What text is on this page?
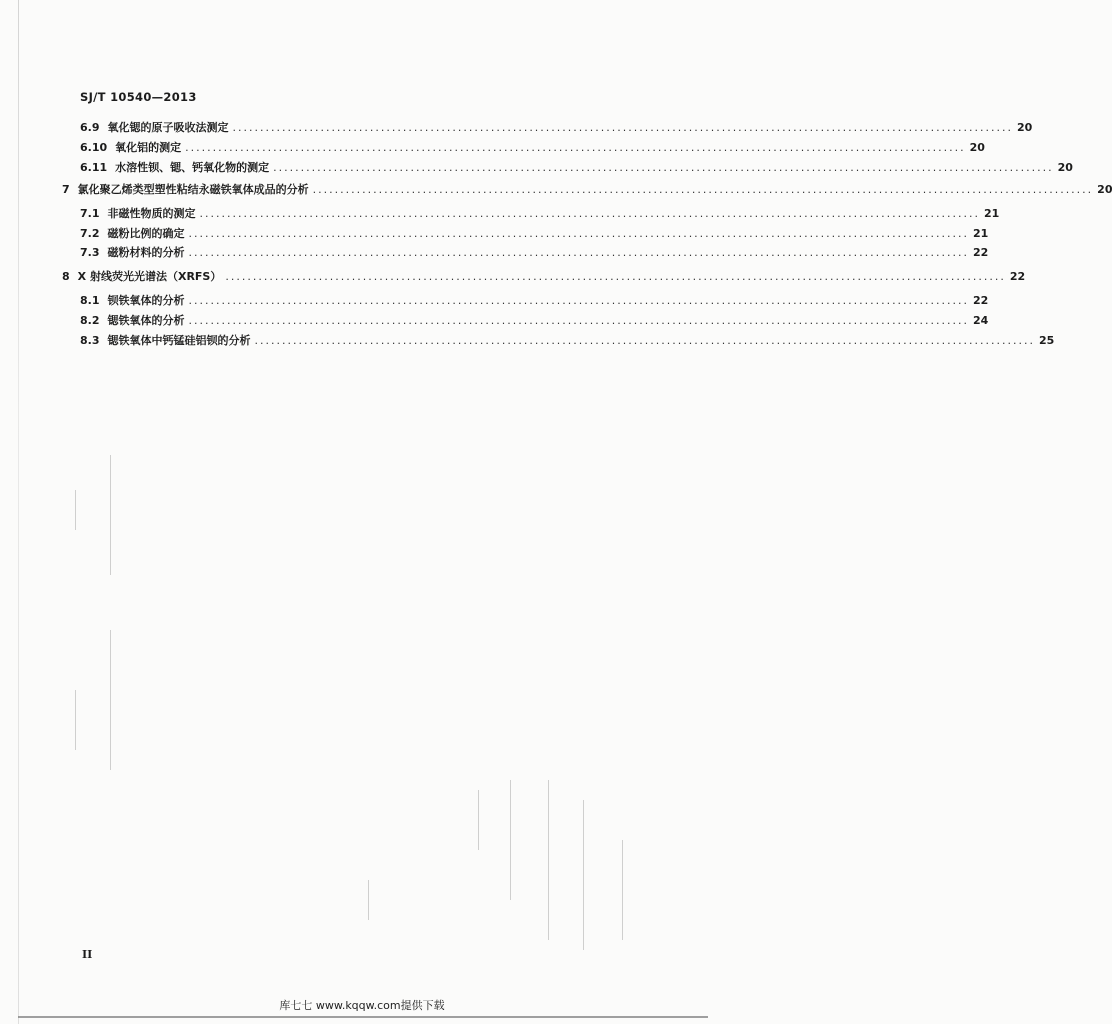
SJ/T 10540—2013
6.9 氧化锶的原子吸收法测定 .............................................................................................................................................. 20
6.10 氧化铝的测定 .............................................................................................................................................. 20
6.11 水溶性钡、锶、钙氧化物的测定 .............................................................................................................................................. 20
7 氯化聚乙烯类型塑性粘结永磁铁氧体成品的分析 .............................................................................................................................................. 20
7.1 非磁性物质的测定 .............................................................................................................................................. 21
7.2 磁粉比例的确定 .............................................................................................................................................. 21
7.3 磁粉材料的分析 .............................................................................................................................................. 22
8 X 射线荧光光谱法（XRFS） .............................................................................................................................................. 22
8.1 钡铁氧体的分析 .............................................................................................................................................. 22
8.2 锶铁氧体的分析 .............................................................................................................................................. 24
8.3 锶铁氧体中钙锰硅铝钡的分析 .............................................................................................................................................. 25
II
库七七 www.kqqw.com提供下载
